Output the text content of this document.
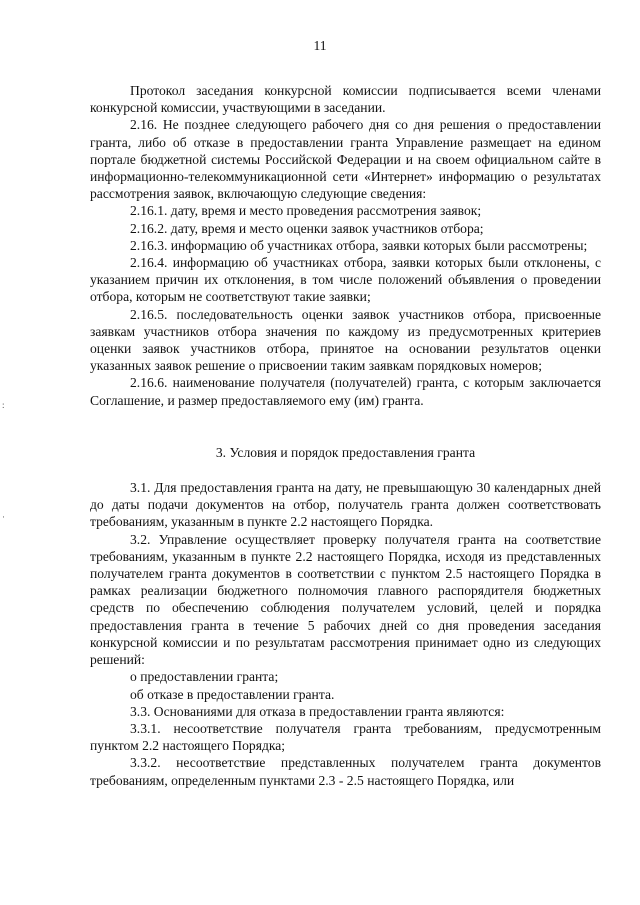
11
:
·

Протокол заседания конкурсной комиссии подписывается всеми членами конкурсной комиссии, участвующими в заседании.

2.16. Не позднее следующего рабочего дня со дня решения о предоставлении гранта, либо об отказе в предоставлении гранта Управление размещает на едином портале бюджетной системы Российской Федерации и на своем официальном сайте в информационно-телекоммуникационной сети «Интернет» информацию о результатах рассмотрения заявок, включающую следующие сведения:

2.16.1. дату, время и место проведения рассмотрения заявок;

2.16.2. дату, время и место оценки заявок участников отбора;

2.16.3. информацию об участниках отбора, заявки которых были рассмотрены;

2.16.4. информацию об участниках отбора, заявки которых были отклонены, с указанием причин их отклонения, в том числе положений объявления о проведении отбора, которым не соответствуют такие заявки;

2.16.5. последовательность оценки заявок участников отбора, присвоенные заявкам участников отбора значения по каждому из предусмотренных критериев оценки заявок участников отбора, принятое на основании результатов оценки указанных заявок решение о присвоении таким заявкам порядковых номеров;

2.16.6. наименование получателя (получателей) гранта, с которым заключается Соглашение, и размер предоставляемого ему (им) гранта.

3. Условия и порядок предоставления гранта

3.1. Для предоставления гранта на дату, не превышающую 30 календарных дней до даты подачи документов на отбор, получатель гранта должен соответствовать требованиям, указанным в пункте 2.2 настоящего Порядка.

3.2. Управление осуществляет проверку получателя гранта на соответствие требованиям, указанным в пункте 2.2 настоящего Порядка, исходя из представленных получателем гранта документов в соответствии с пунктом 2.5 настоящего Порядка в рамках реализации бюджетного полномочия главного распорядителя бюджетных средств по обеспечению соблюдения получателем условий, целей и порядка предоставления гранта в течение 5 рабочих дней со дня проведения заседания конкурсной комиссии и по результатам рассмотрения принимает одно из следующих решений:

о предоставлении гранта;

об отказе в предоставлении гранта.

3.3. Основаниями для отказа в предоставлении гранта являются:

3.3.1. несоответствие получателя гранта требованиям, предусмотренным пунктом 2.2 настоящего Порядка;

3.3.2. несоответствие представленных получателем гранта документов требованиям, определенным пунктами 2.3 - 2.5 настоящего Порядка, или
